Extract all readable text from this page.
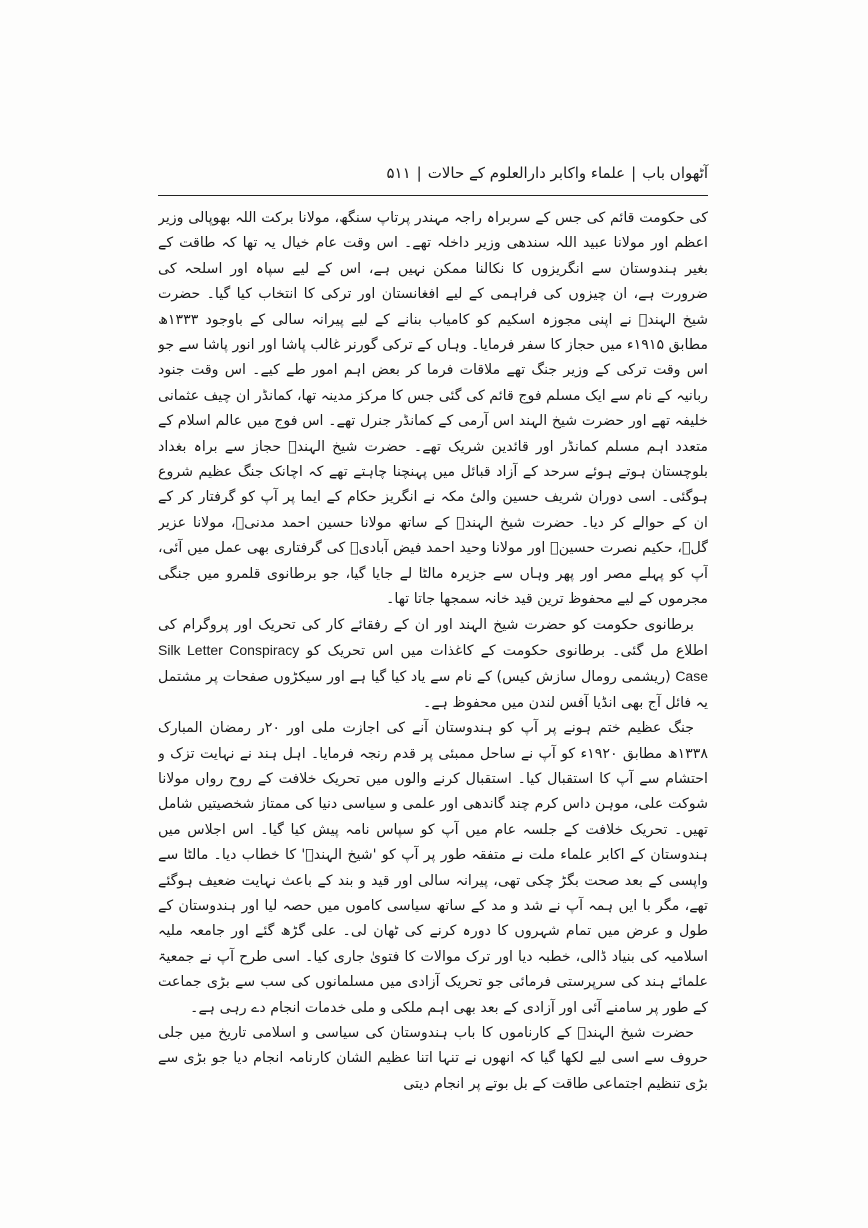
آٹھواں باب|علماء واکابر دارالعلوم کے حالات|۵۱۱

کی حکومت قائم کی جس کے سربراہ راجہ مہندر پرتاپ سنگھ، مولانا برکت اللہ بھوپالی وزیر اعظم اور مولانا عبید اللہ سندھی وزیر داخلہ تھے۔ اس وقت عام خیال یہ تھا کہ طاقت کے بغیر ہندوستان سے انگریزوں کا نکالنا ممکن نہیں ہے، اس کے لیے سپاہ اور اسلحہ کی ضرورت ہے، ان چیزوں کی فراہمی کے لیے افغانستان اور ترکی کا انتخاب کیا گیا۔ حضرت شیخ الہندؒ نے اپنی مجوزہ اسکیم کو کامیاب بنانے کے لیے پیرانہ سالی کے باوجود ۱۳۳۳ھ مطابق ۱۹۱۵ء میں حجاز کا سفر فرمایا۔ وہاں کے ترکی گورنر غالب پاشا اور انور پاشا سے جو اس وقت ترکی کے وزیر جنگ تھے ملاقات فرما کر بعض اہم امور طے کیے۔ اس وقت جنود ربانیہ کے نام سے ایک مسلم فوج قائم کی گئی جس کا مرکز مدینہ تھا، کمانڈر ان چیف عثمانی خلیفہ تھے اور حضرت شیخ الہند اس آرمی کے کمانڈر جنرل تھے۔ اس فوج میں عالم اسلام کے متعدد اہم مسلم کمانڈر اور قائدین شریک تھے۔ حضرت شیخ الہندؒ حجاز سے براہ بغداد بلوچستان ہوتے ہوئے سرحد کے آزاد قبائل میں پہنچنا چاہتے تھے کہ اچانک جنگ عظیم شروع ہوگئی۔ اسی دوران شریف حسین والیٔ مکہ نے انگریز حکام کے ایما پر آپ کو گرفتار کر کے ان کے حوالے کر دیا۔ حضرت شیخ الہندؒ کے ساتھ مولانا حسین احمد مدنیؒ، مولانا عزیر گلؒ، حکیم نصرت حسینؒ اور مولانا وحید احمد فیض آبادیؒ کی گرفتاری بھی عمل میں آئی، آپ کو پہلے مصر اور پھر وہاں سے جزیرہ مالٹا لے جایا گیا، جو برطانوی قلمرو میں جنگی مجرموں کے لیے محفوظ ترین قید خانہ سمجھا جاتا تھا۔

برطانوی حکومت کو حضرت شیخ الہند اور ان کے رفقائے کار کی تحریک اور پروگرام کی اطلاع مل گئی۔ برطانوی حکومت کے کاغذات میں اس تحریک کو Silk Letter Conspiracy Case (ریشمی رومال سازش کیس) کے نام سے یاد کیا گیا ہے اور سیکڑوں صفحات پر مشتمل یہ فائل آج بھی انڈیا آفس لندن میں محفوظ ہے۔

جنگ عظیم ختم ہونے پر آپ کو ہندوستان آنے کی اجازت ملی اور ۲۰ر رمضان المبارک ۱۳۳۸ھ مطابق ۱۹۲۰ء کو آپ نے ساحل ممبئی پر قدم رنجہ فرمایا۔ اہل ہند نے نہایت تزک و احتشام سے آپ کا استقبال کیا۔ استقبال کرنے والوں میں تحریک خلافت کے روح رواں مولانا شوکت علی، موہن داس کرم چند گاندھی اور علمی و سیاسی دنیا کی ممتاز شخصیتیں شامل تھیں۔ تحریک خلافت کے جلسہ عام میں آپ کو سپاس نامہ پیش کیا گیا۔ اس اجلاس میں ہندوستان کے اکابر علماء ملت نے متفقہ طور پر آپ کو 'شیخ الہندؒ' کا خطاب دیا۔ مالٹا سے واپسی کے بعد صحت بگڑ چکی تھی، پیرانہ سالی اور قید و بند کے باعث نہایت ضعیف ہوگئے تھے، مگر با ایں ہمہ آپ نے شد و مد کے ساتھ سیاسی کاموں میں حصہ لیا اور ہندوستان کے طول و عرض میں تمام شہروں کا دورہ کرنے کی ٹھان لی۔ علی گڑھ گئے اور جامعہ ملیہ اسلامیہ کی بنیاد ڈالی، خطبہ دیا اور ترک موالات کا فتویٰ جاری کیا۔ اسی طرح آپ نے جمعیۃ علمائے ہند کی سرپرستی فرمائی جو تحریک آزادی میں مسلمانوں کی سب سے بڑی جماعت کے طور پر سامنے آئی اور آزادی کے بعد بھی اہم ملکی و ملی خدمات انجام دے رہی ہے۔

حضرت شیخ الہندؒ کے کارناموں کا باب ہندوستان کی سیاسی و اسلامی تاریخ میں جلی حروف سے اسی لیے لکھا گیا کہ انھوں نے تنہا اتنا عظیم الشان کارنامہ انجام دیا جو بڑی سے بڑی تنظیم اجتماعی طاقت کے بل بوتے پر انجام دیتی
